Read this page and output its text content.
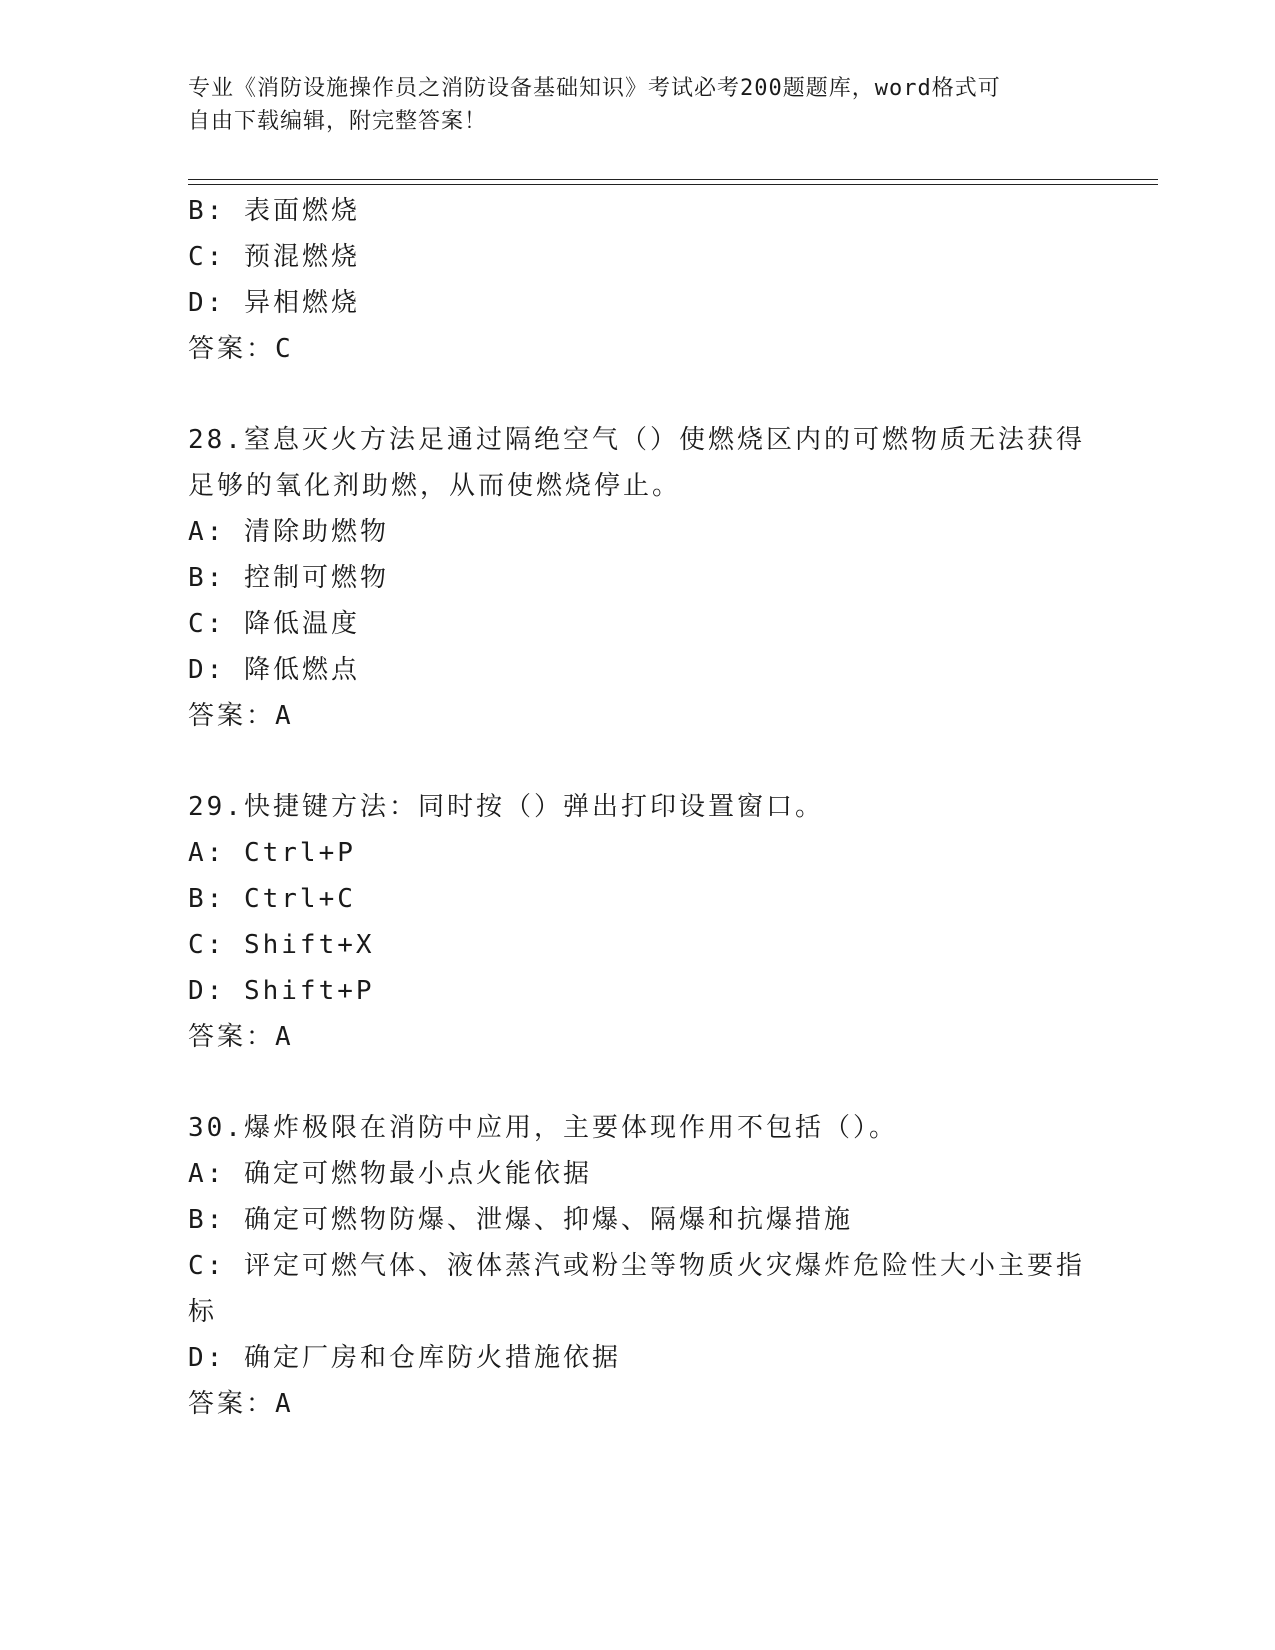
专业《消防设施操作员之消防设备基础知识》考试必考200题题库，word格式可
自由下载编辑，附完整答案！
B: 表面燃烧
C: 预混燃烧
D: 异相燃烧
答案：C
28.窒息灭火方法足通过隔绝空气（）使燃烧区内的可燃物质无法获得
足够的氧化剂助燃，从而使燃烧停止。
A: 清除助燃物
B: 控制可燃物
C: 降低温度
D: 降低燃点
答案：A
29.快捷键方法：同时按（）弹出打印设置窗口。
A: Ctrl+P
B: Ctrl+C
C: Shift+X
D: Shift+P
答案：A
30.爆炸极限在消防中应用，主要体现作用不包括（）。
A: 确定可燃物最小点火能依据
B: 确定可燃物防爆、泄爆、抑爆、隔爆和抗爆措施
C: 评定可燃气体、液体蒸汽或粉尘等物质火灾爆炸危险性大小主要指
标
D: 确定厂房和仓库防火措施依据
答案：A
